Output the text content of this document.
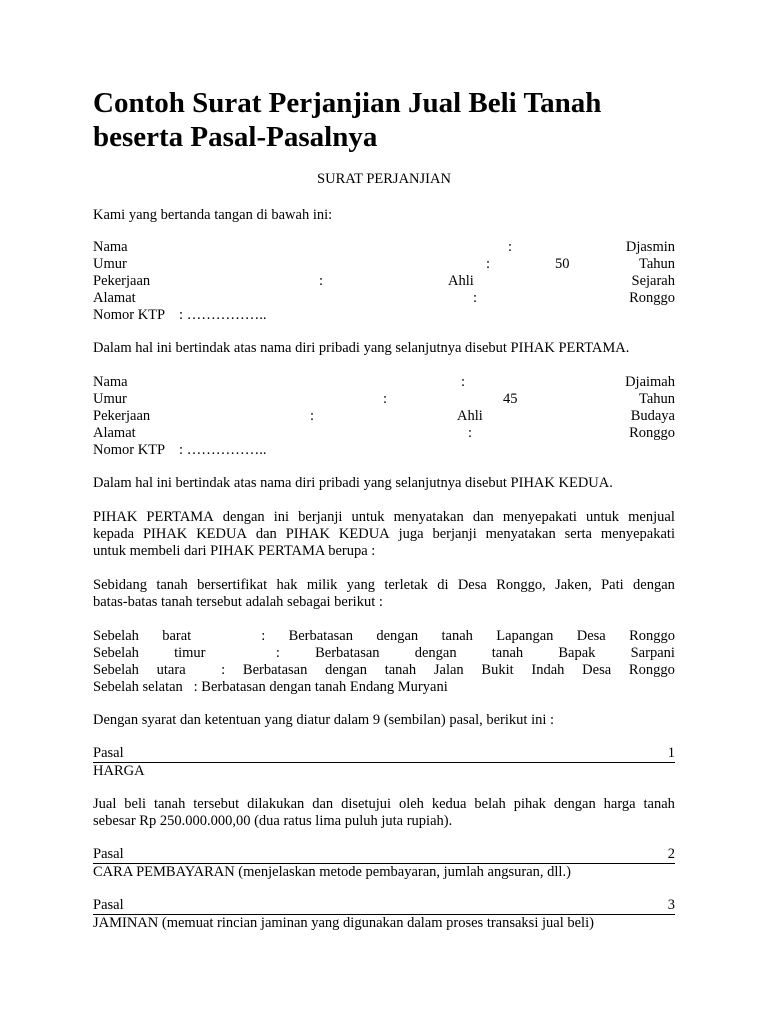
Contoh Surat Perjanjian Jual Beli Tanah beserta Pasal-Pasalnya
SURAT PERJANJIAN
Kami yang bertanda tangan di bawah ini:
Nama	:	Djasmin
Umur	:	50	Tahun
Pekerjaan	:	Ahli	Sejarah
Alamat	:	Ronggo
Nomor KTP    : ……………..
Dalam hal ini bertindak atas nama diri pribadi yang selanjutnya disebut PIHAK PERTAMA.
Nama	:	Djaimah
Umur	:	45	Tahun
Pekerjaan	:	Ahli	Budaya
Alamat	:	Ronggo
Nomor KTP    : ……………..
Dalam hal ini bertindak atas nama diri pribadi yang selanjutnya disebut PIHAK KEDUA.
PIHAK PERTAMA dengan ini berjanji untuk menyatakan dan menyepakati untuk menjual
kepada PIHAK KEDUA dan PIHAK KEDUA juga berjanji menyatakan serta menyepakati
untuk membeli dari PIHAK PERTAMA berupa :
Sebidang tanah bersertifikat hak milik yang terletak di Desa Ronggo, Jaken, Pati dengan
batas-batas tanah tersebut adalah sebagai berikut :
Sebelah barat	: Berbatasan dengan tanah Lapangan Desa Ronggo
Sebelah timur	: Berbatasan dengan tanah Bapak Sarpani
Sebelah utara : Berbatasan dengan tanah Jalan Bukit Indah Desa Ronggo
Sebelah selatan   : Berbatasan dengan tanah Endang Muryani
Dengan syarat dan ketentuan yang diatur dalam 9 (sembilan) pasal, berikut ini :
Pasal	1
HARGA
Jual beli tanah tersebut dilakukan dan disetujui oleh kedua belah pihak dengan harga tanah
sebesar Rp 250.000.000,00 (dua ratus lima puluh juta rupiah).
Pasal	2
CARA PEMBAYARAN (menjelaskan metode pembayaran, jumlah angsuran, dll.)
Pasal	3
JAMINAN (memuat rincian jaminan yang digunakan dalam proses transaksi jual beli)
